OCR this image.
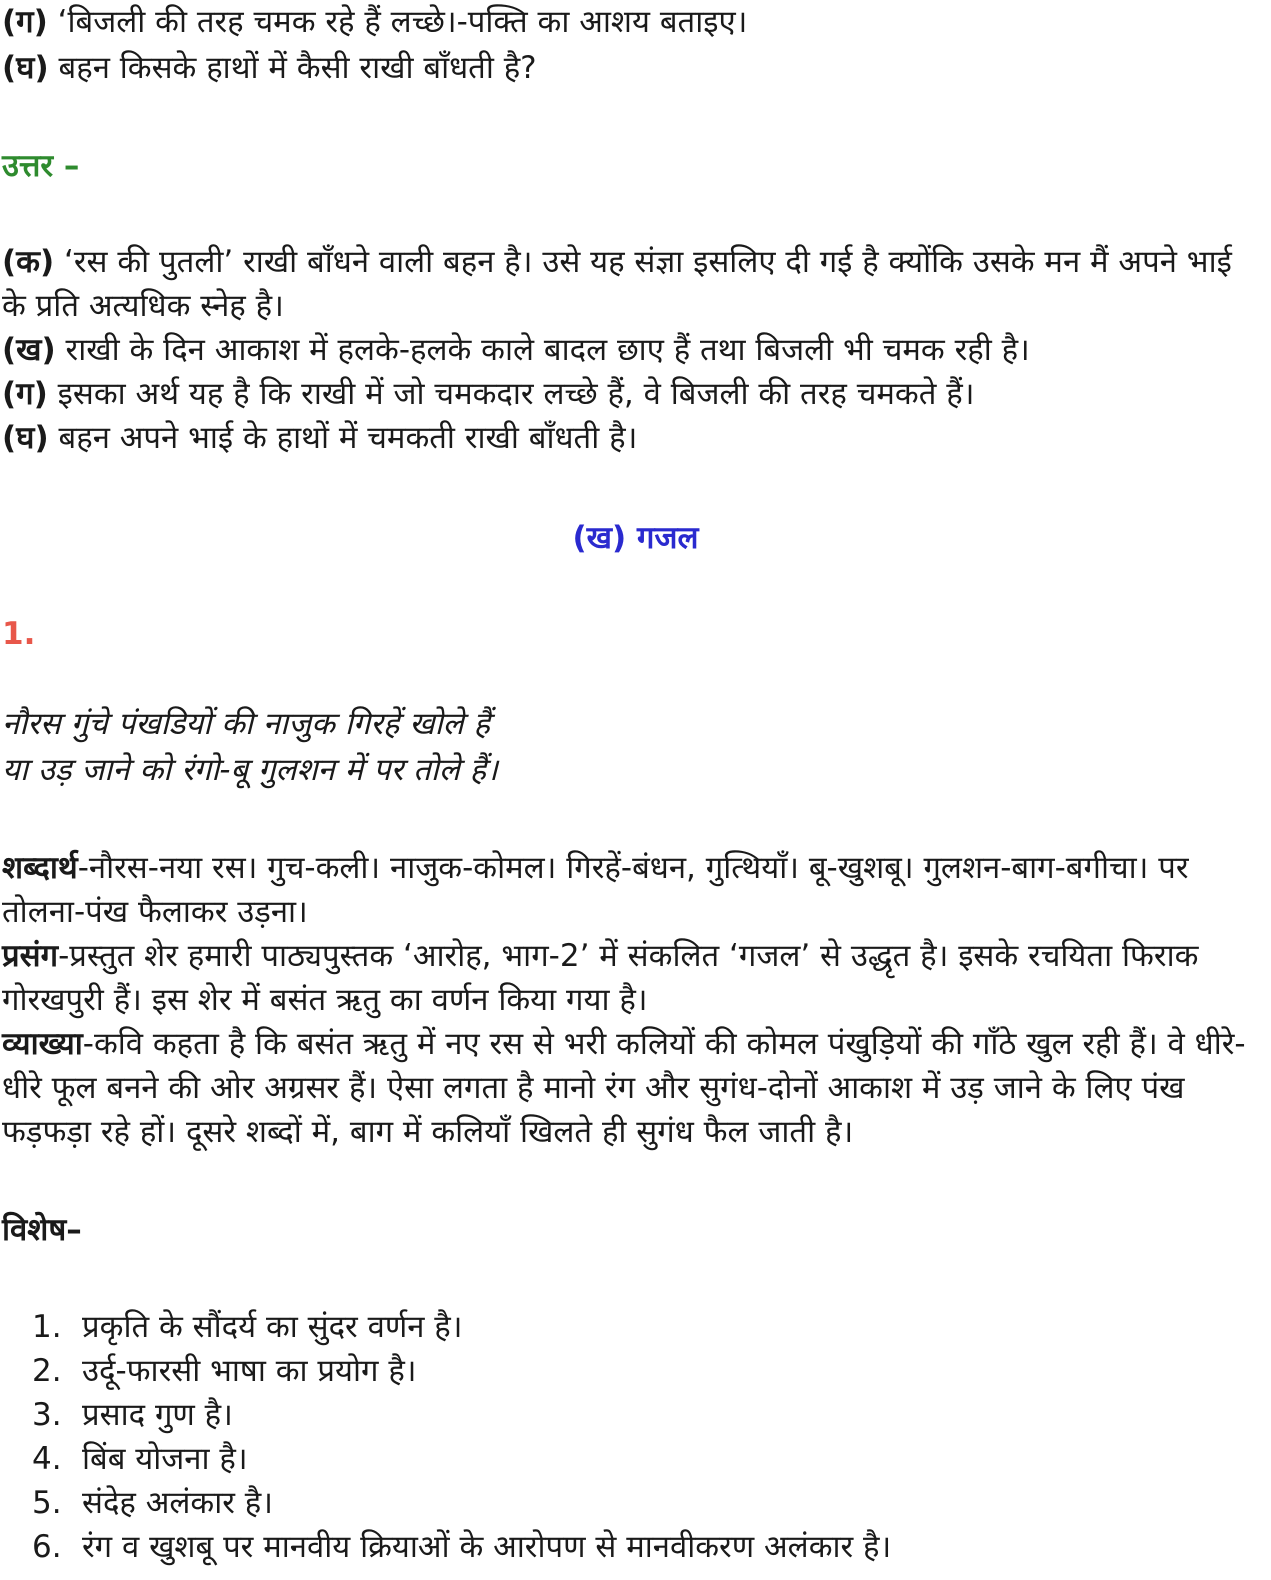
(ग) ‘बिजली की तरह चमक रहे हैं लच्छे।-पक्ति का आशय बताइए।
(घ) बहन किसके हाथों में कैसी राखी बाँधती है?
उत्तर –
(क) ‘रस की पुतली’ राखी बाँधने वाली बहन है। उसे यह संज्ञा इसलिए दी गई है क्योंकि उसके मन मैं अपने भाई के प्रति अत्यधिक स्नेह है।
(ख) राखी के दिन आकाश में हलके-हलके काले बादल छाए हैं तथा बिजली भी चमक रही है।
(ग) इसका अर्थ यह है कि राखी में जो चमकदार लच्छे हैं, वे बिजली की तरह चमकते हैं।
(घ) बहन अपने भाई के हाथों में चमकती राखी बाँधती है।
(ख) गजल
1.
नौरस गुंचे पंखडियों की नाजुक गिरहें खोले हैं
या उड़ जाने को रंगो-बू गुलशन में पर तोले हैं।
शब्दार्थ-नौरस-नया रस। गुच-कली। नाजुक-कोमल। गिरहें-बंधन, गुत्थियाँ। बू-खुशबू। गुलशन-बाग-बगीचा। पर तोलना-पंख फैलाकर उड़ना।
प्रसंग-प्रस्तुत शेर हमारी पाठ्यपुस्तक ‘आरोह, भाग-2’ में संकलित ‘गजल’ से उद्धृत है। इसके रचयिता फिराक गोरखपुरी हैं। इस शेर में बसंत ऋतु का वर्णन किया गया है।
व्याख्या-कवि कहता है कि बसंत ऋतु में नए रस से भरी कलियों की कोमल पंखुड़ियों की गाँठे खुल रही हैं। वे धीरे-धीरे फूल बनने की ओर अग्रसर हैं। ऐसा लगता है मानो रंग और सुगंध-दोनों आकाश में उड़ जाने के लिए पंख फड़फड़ा रहे हों। दूसरे शब्दों में, बाग में कलियाँ खिलते ही सुगंध फैल जाती है।
विशेष–
1. प्रकृति के सौंदर्य का सुंदर वर्णन है।
2. उर्दू-फारसी भाषा का प्रयोग है।
3. प्रसाद गुण है।
4. बिंब योजना है।
5. संदेह अलंकार है।
6. रंग व खुशबू पर मानवीय क्रियाओं के आरोपण से मानवीकरण अलंकार है।
